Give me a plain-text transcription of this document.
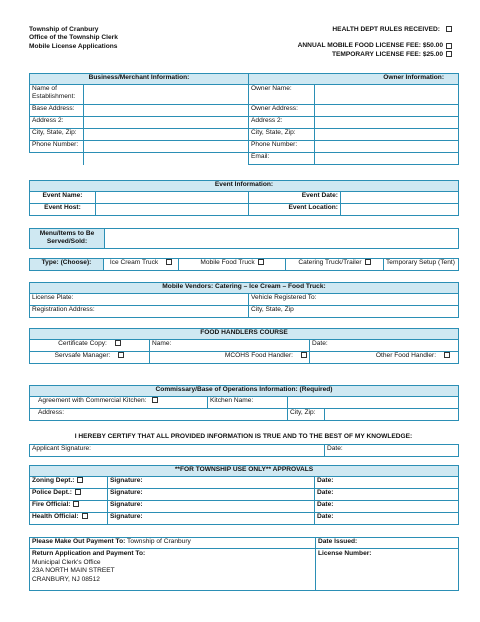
Township of Cranbury
Office of the Township Clerk
Mobile License Applications
HEALTH DEPT RULES RECEIVED:
ANNUAL MOBILE FOOD LICENSE FEE: $50.00
TEMPORARY LICENSE FEE: $25.00
Business/Merchant Information:		Owner Information:	
Name of Establishment:		Owner Name:	
Base Address:		Owner Address:	
Address 2:		Address 2:	
City, State, Zip:		City, State, Zip:	
Phone Number:		Phone Number:	
		Email:	
Event Information:			
Event Name:		Event Date:	
Event Host:		Event Location:	
Menu/Items to Be Served/Sold:	
Type: (Choose):	Ice Cream Truck	Mobile Food Truck	Catering Truck/Trailer	Temporary Setup (Tent)
Mobile Vendors: Catering – Ice Cream – Food Truck:	
License Plate:	Vehicle Registered To:
Registration Address:	City, State, Zip
FOOD HANDLERS COURSE		
Certificate Copy:	Name:	Date:
Servsafe Manager:	MCOHS Food Handler:	Other Food Handler:
Commissary/Base of Operations Information: (Required)			
Agreement with Commercial Kitchen:	Kitchen Name:		
Address:		City, Zip:	
I HEREBY CERTIFY THAT ALL PROVIDED INFORMATION IS TRUE AND TO THE BEST OF MY KNOWLEDGE:
Applicant Signature:	Date:
**FOR TOWNSHIP USE ONLY** APPROVALS		
Zoning Dept.:	Signature:	Date:
Police Dept.:	Signature:	Date:
Fire Official:	Signature:	Date:
Health Official:	Signature:	Date:
Please Make Out Payment To: Township of Cranbury	Date Issued:

Return Application and Payment To:
Municipal Clerk's Office
23A NORTH MAIN STREET
CRANBURY, NJ 08512	License Number:
